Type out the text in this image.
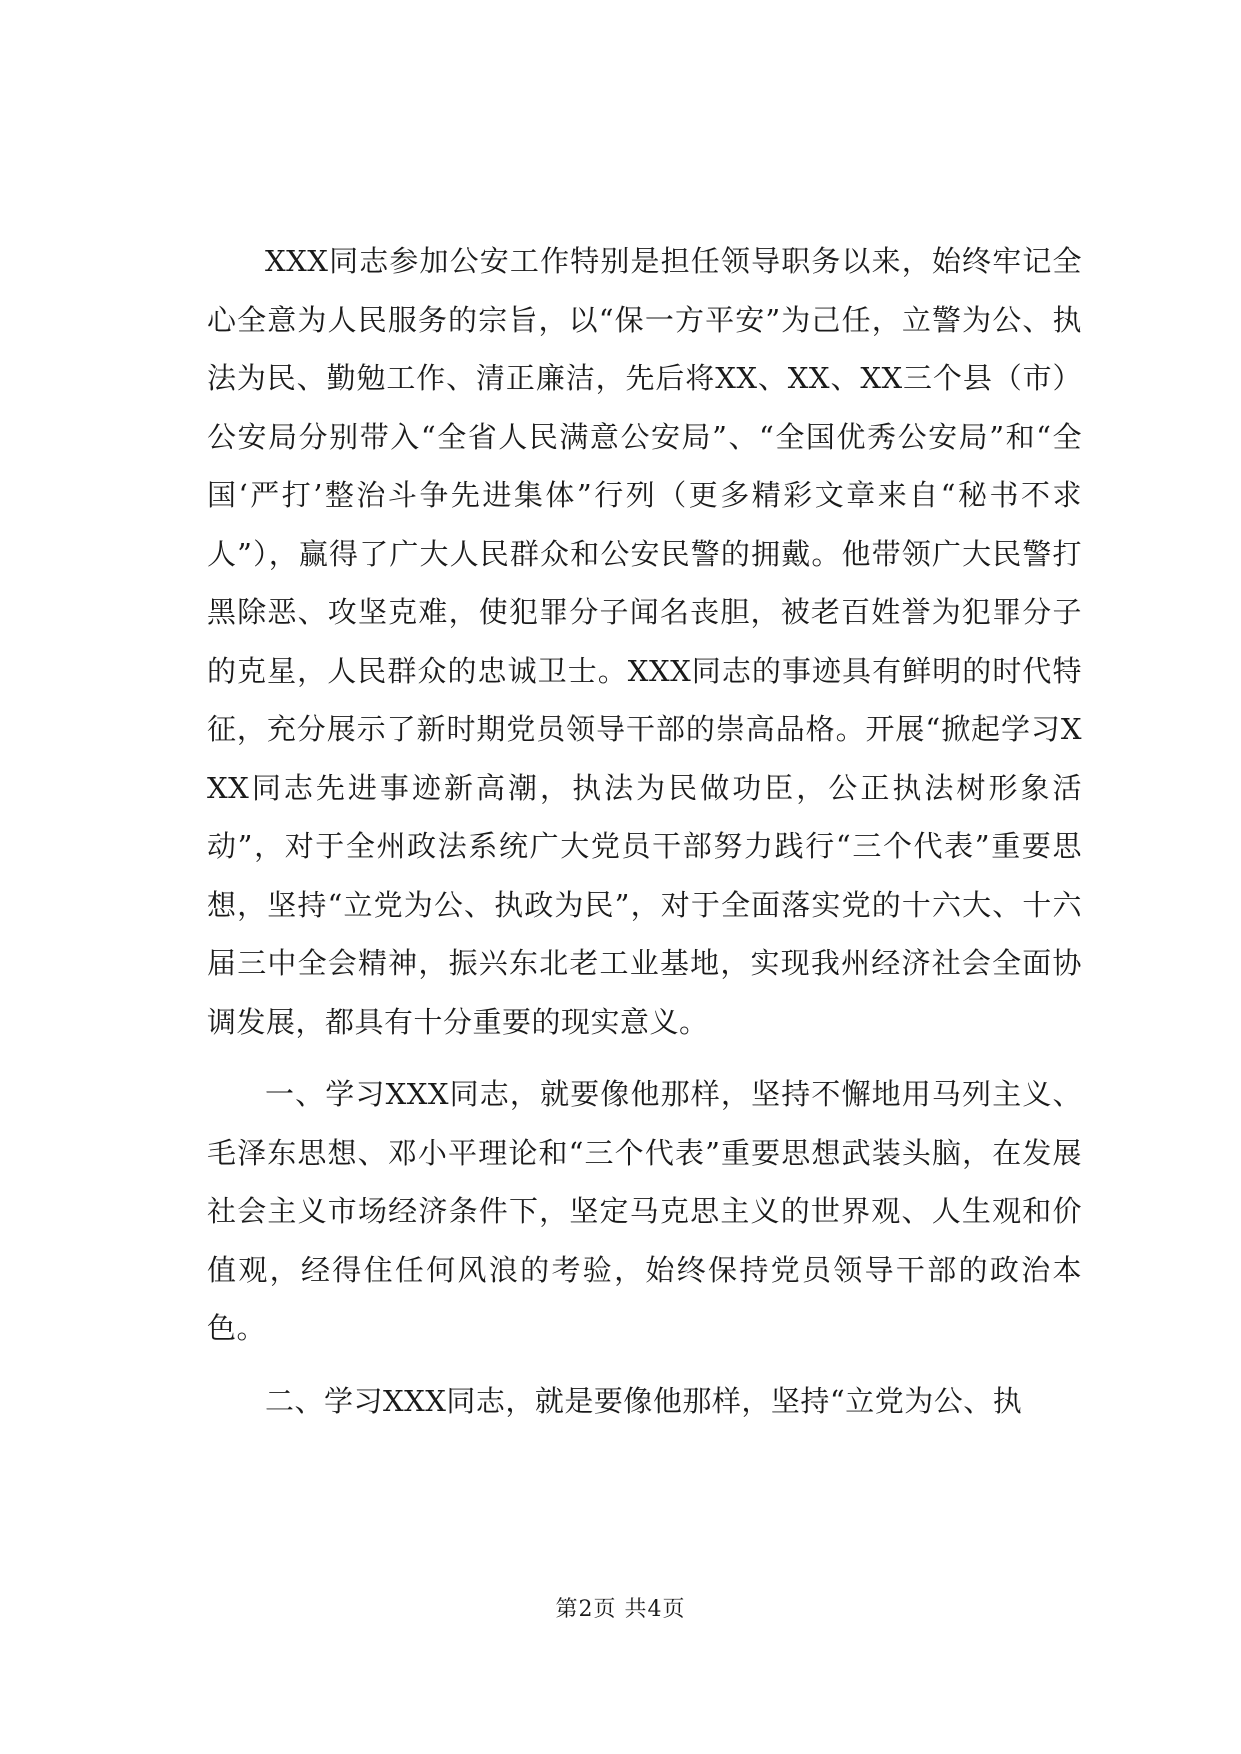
XXX同志参加公安工作特别是担任领导职务以来，始终牢记全心全意为人民服务的宗旨，以“保一方平安”为己任，立警为公、执法为民、勤勉工作、清正廉洁，先后将XX、XX、XX三个县（市）公安局分别带入“全省人民满意公安局”、“全国优秀公安局”和“全国‘严打’整治斗争先进集体”行列（更多精彩文章来自“秘书不求人”），赢得了广大人民群众和公安民警的拥戴。他带领广大民警打黑除恶、攻坚克难，使犯罪分子闻名丧胆，被老百姓誉为犯罪分子的克星，人民群众的忠诚卫士。XXX同志的事迹具有鲜明的时代特征，充分展示了新时期党员领导干部的崇高品格。开展“掀起学习XXX同志先进事迹新高潮，执法为民做功臣，公正执法树形象活动”，对于全州政法系统广大党员干部努力践行“三个代表”重要思想，坚持“立党为公、执政为民”，对于全面落实党的十六大、十六届三中全会精神，振兴东北老工业基地，实现我州经济社会全面协调发展，都具有十分重要的现实意义。

一、学习XXX同志，就要像他那样，坚持不懈地用马列主义、毛泽东思想、邓小平理论和“三个代表”重要思想武装头脑，在发展社会主义市场经济条件下，坚定马克思主义的世界观、人生观和价值观，经得住任何风浪的考验，始终保持党员领导干部的政治本色。

二、学习XXX同志，就是要像他那样，坚持“立党为公、执

第2页 共4页
